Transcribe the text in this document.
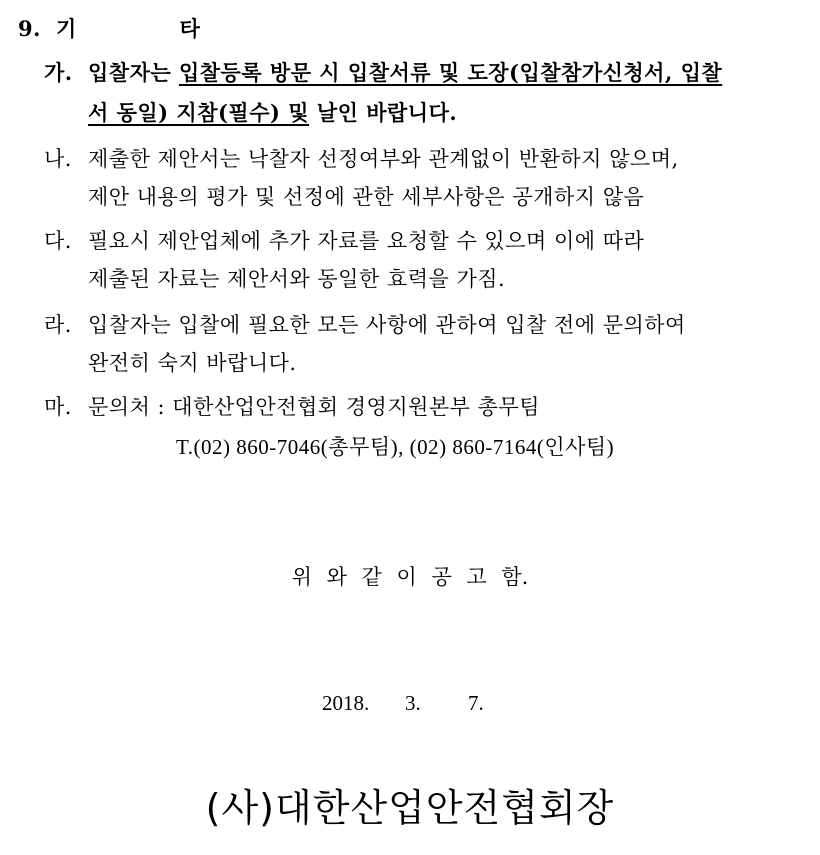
9. 기 타
가. 입찰자는 입찰등록 방문 시 입찰서류 및 도장(입찰참가신청서, 입찰
서 동일) 지참(필수) 및 날인 바랍니다.
나. 제출한 제안서는 낙찰자 선정여부와 관계없이 반환하지 않으며,
제안 내용의 평가 및 선정에 관한 세부사항은 공개하지 않음
다. 필요시 제안업체에 추가 자료를 요청할 수 있으며 이에 따라
제출된 자료는 제안서와 동일한 효력을 가짐.
라. 입찰자는 입찰에 필요한 모든 사항에 관하여 입찰 전에 문의하여
완전히 숙지 바랍니다.
마. 문의처 : 대한산업안전협회 경영지원본부 총무팀
T.(02) 860-7046(총무팀), (02) 860-7164(인사팀)
위 와 같 이 공 고 함.
2018. 3. 7.
(사)대한산업안전협회장
